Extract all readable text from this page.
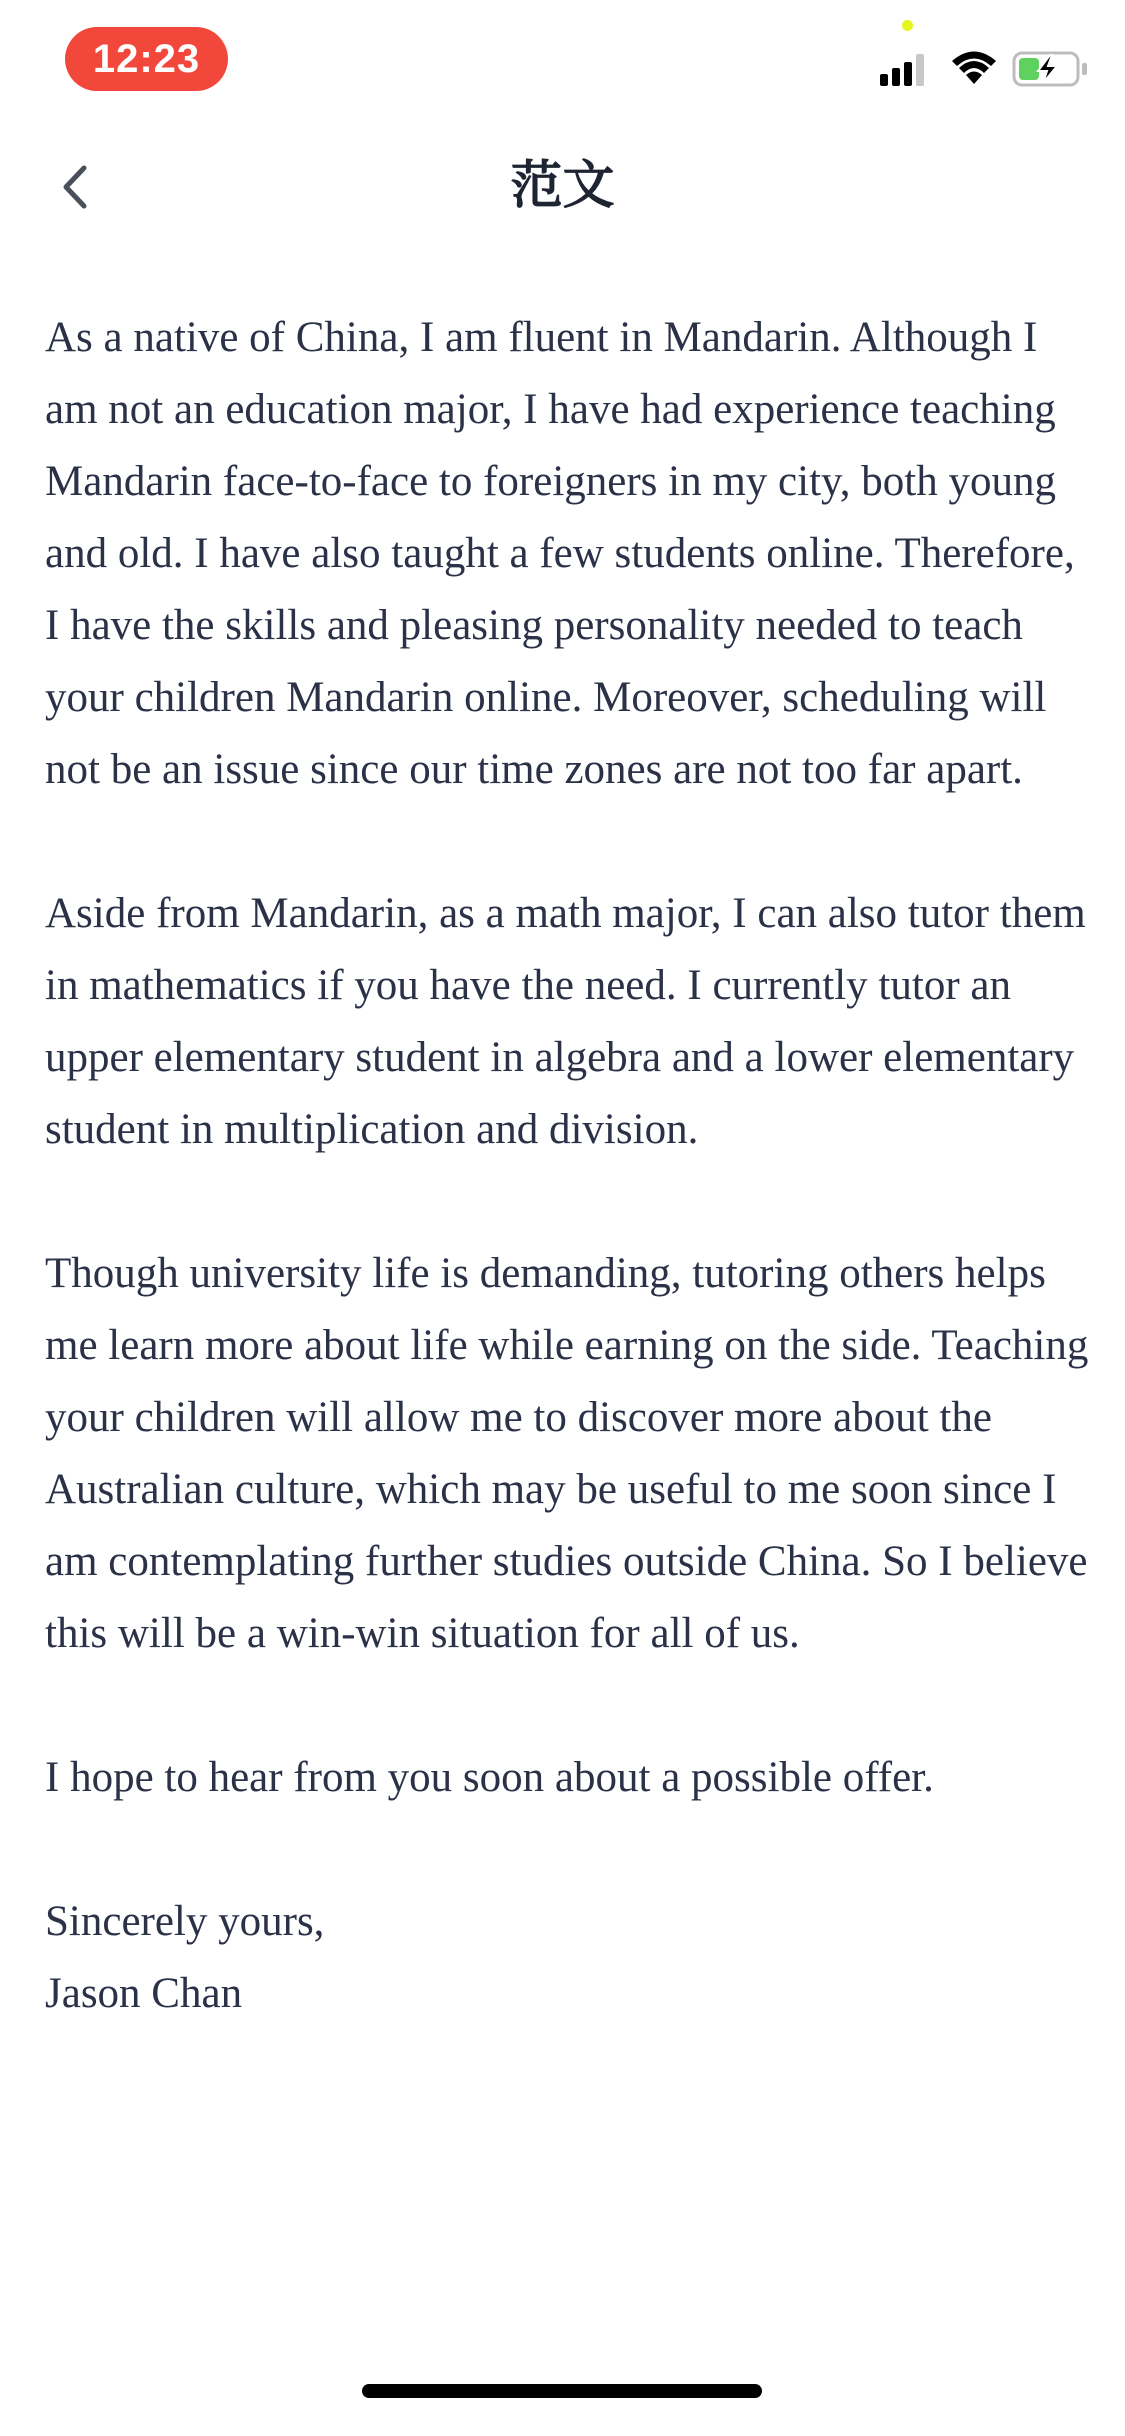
12:23
范文

As a native of China, I am fluent in Mandarin. Although I am not an education major, I have had experience teaching Mandarin face-to-face to foreigners in my city, both young and old. I have also taught a few students online. Therefore, I have the skills and pleasing personality needed to teach your children Mandarin online. Moreover, scheduling will not be an issue since our time zones are not too far apart.

Aside from Mandarin, as a math major, I can also tutor them in mathematics if you have the need. I currently tutor an upper elementary student in algebra and a lower elementary student in multiplication and division.

Though university life is demanding, tutoring others helps me learn more about life while earning on the side. Teaching your children will allow me to discover more about the Australian culture, which may be useful to me soon since I am contemplating further studies outside China. So I believe this will be a win-win situation for all of us.

I hope to hear from you soon about a possible offer.

Sincerely yours,

Jason Chan
